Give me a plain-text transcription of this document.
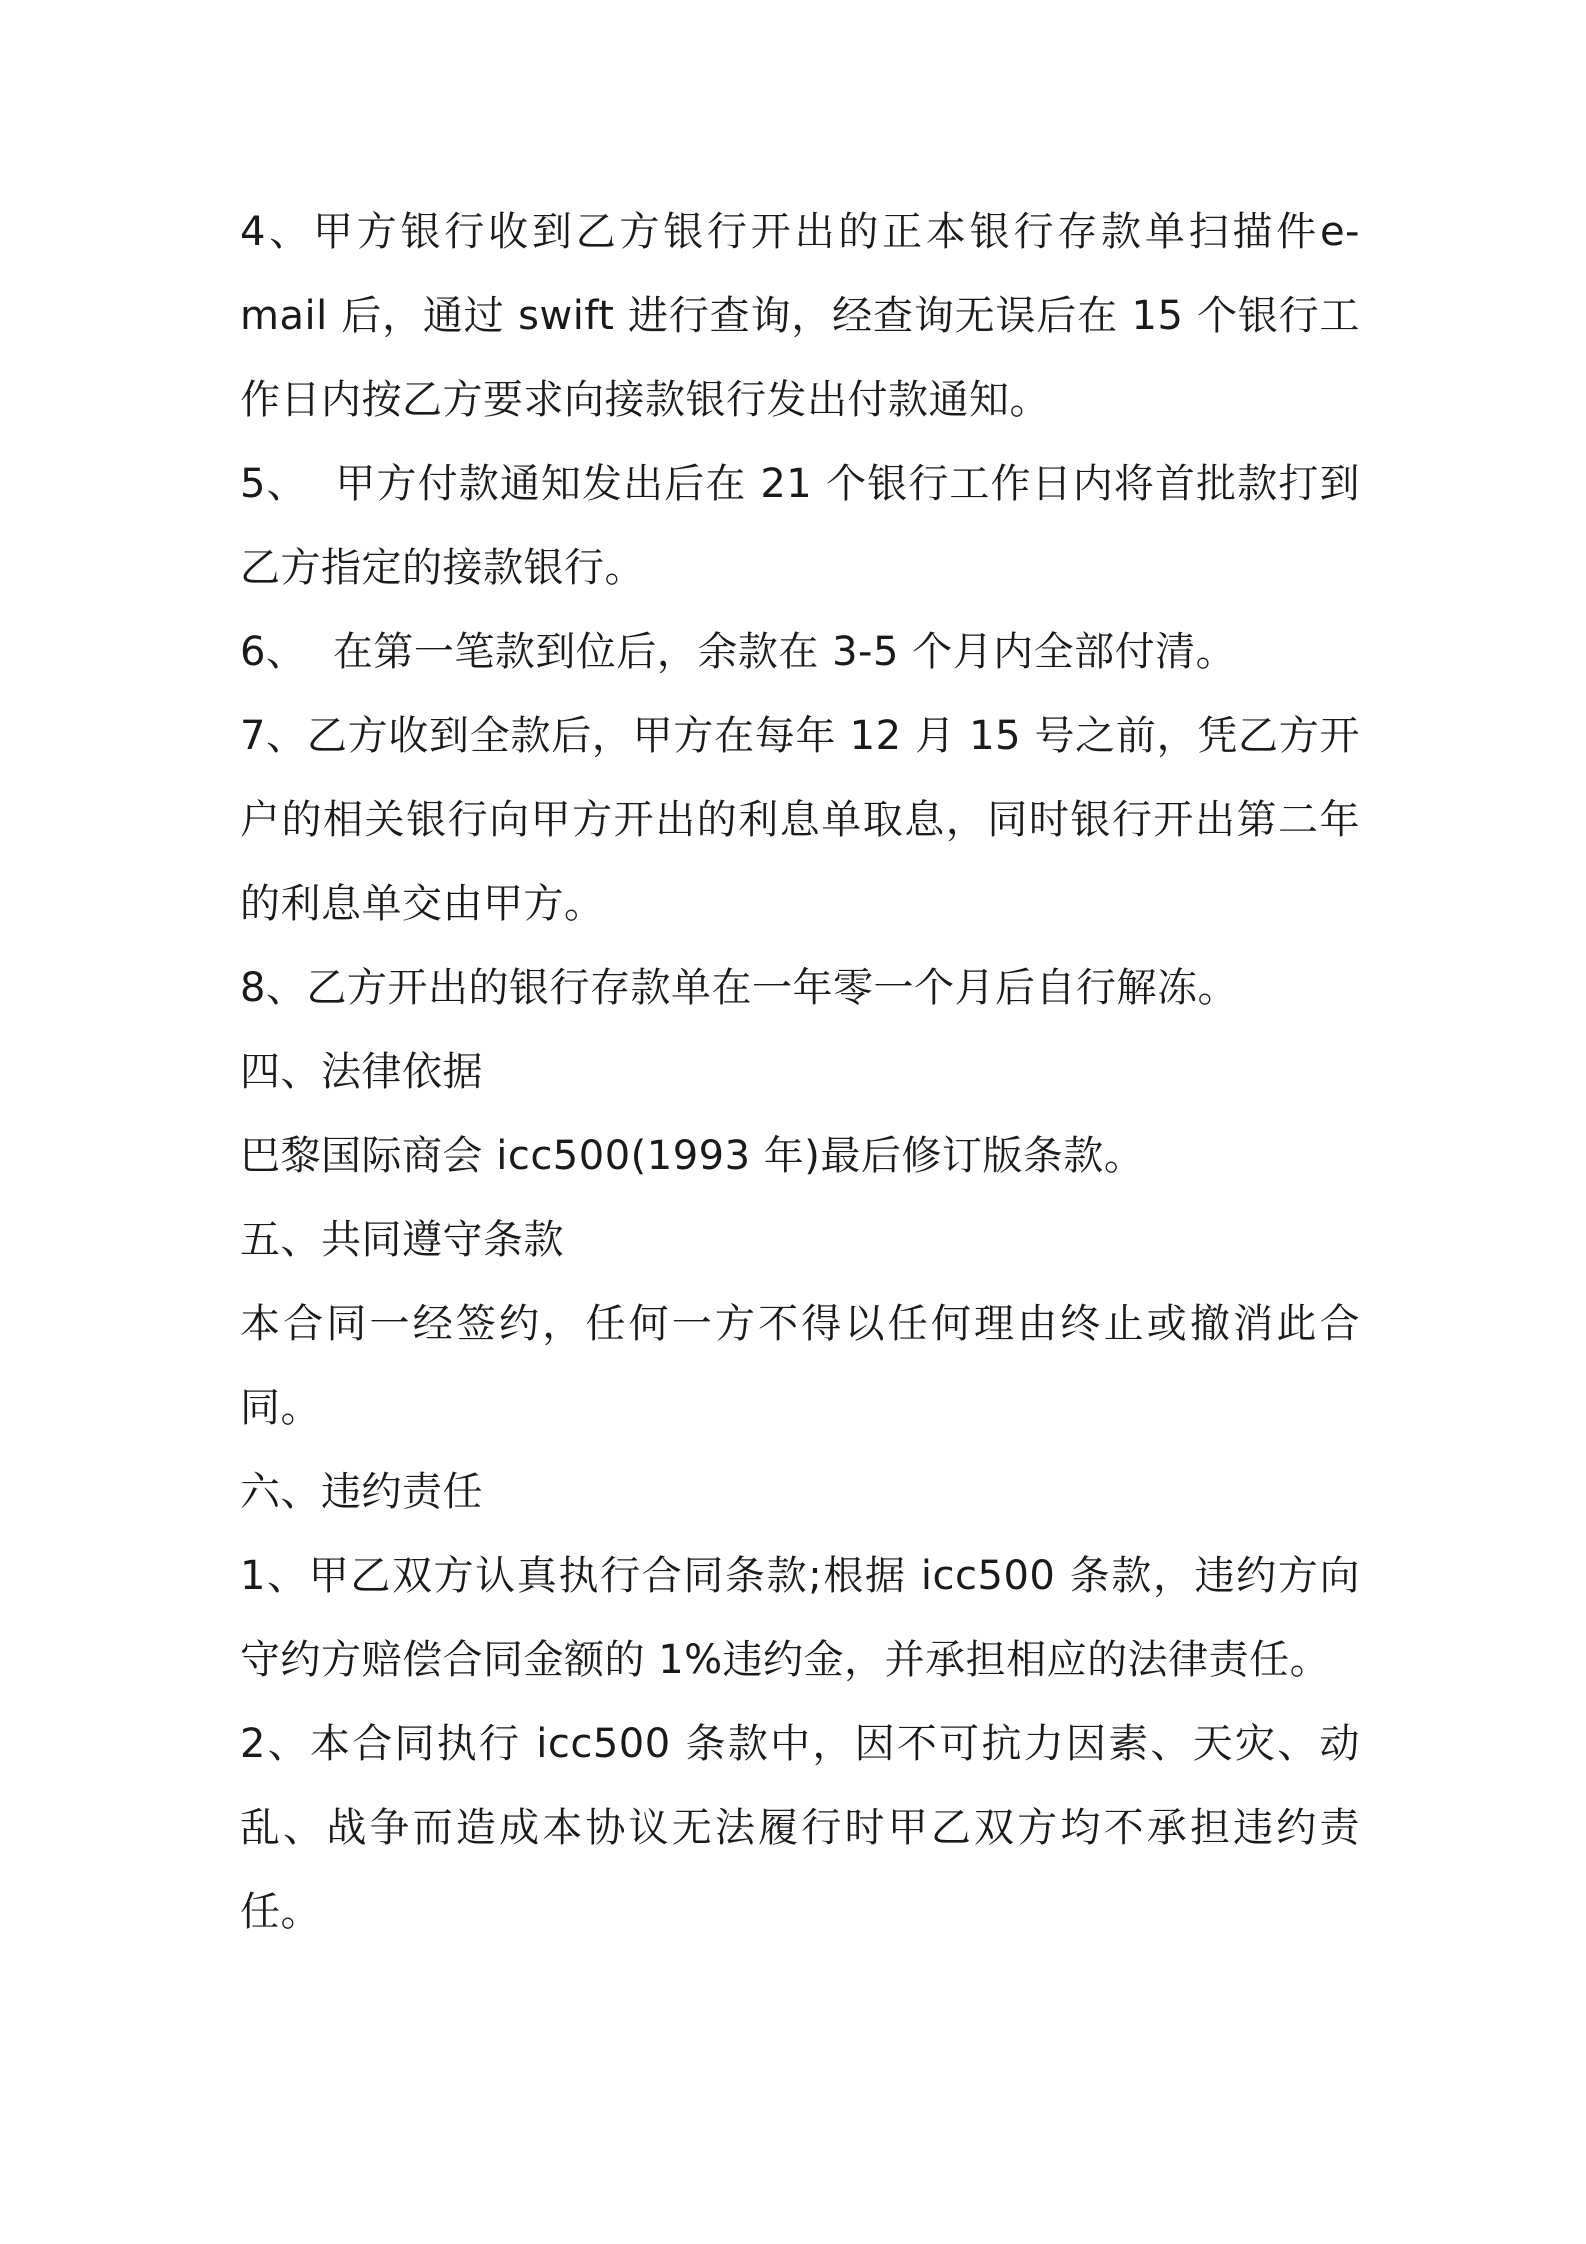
4、甲方银行收到乙方银行开出的正本银行存款单扫描件e-mail 后，通过 swift 进行查询，经查询无误后在 15 个银行工作日内按乙方要求向接款银行发出付款通知。

5、  甲方付款通知发出后在 21 个银行工作日内将首批款打到乙方指定的接款银行。

6、  在第一笔款到位后，余款在 3-5 个月内全部付清。

7、乙方收到全款后，甲方在每年 12 月 15 号之前，凭乙方开户的相关银行向甲方开出的利息单取息，同时银行开出第二年的利息单交由甲方。

8、乙方开出的银行存款单在一年零一个月后自行解冻。

四、法律依据

巴黎国际商会 icc500(1993 年)最后修订版条款。

五、共同遵守条款

本合同一经签约，任何一方不得以任何理由终止或撤消此合同。

六、违约责任

1、甲乙双方认真执行合同条款;根据 icc500 条款，违约方向守约方赔偿合同金额的 1%违约金，并承担相应的法律责任。

2、本合同执行 icc500 条款中，因不可抗力因素、天灾、动乱、战争而造成本协议无法履行时甲乙双方均不承担违约责任。
